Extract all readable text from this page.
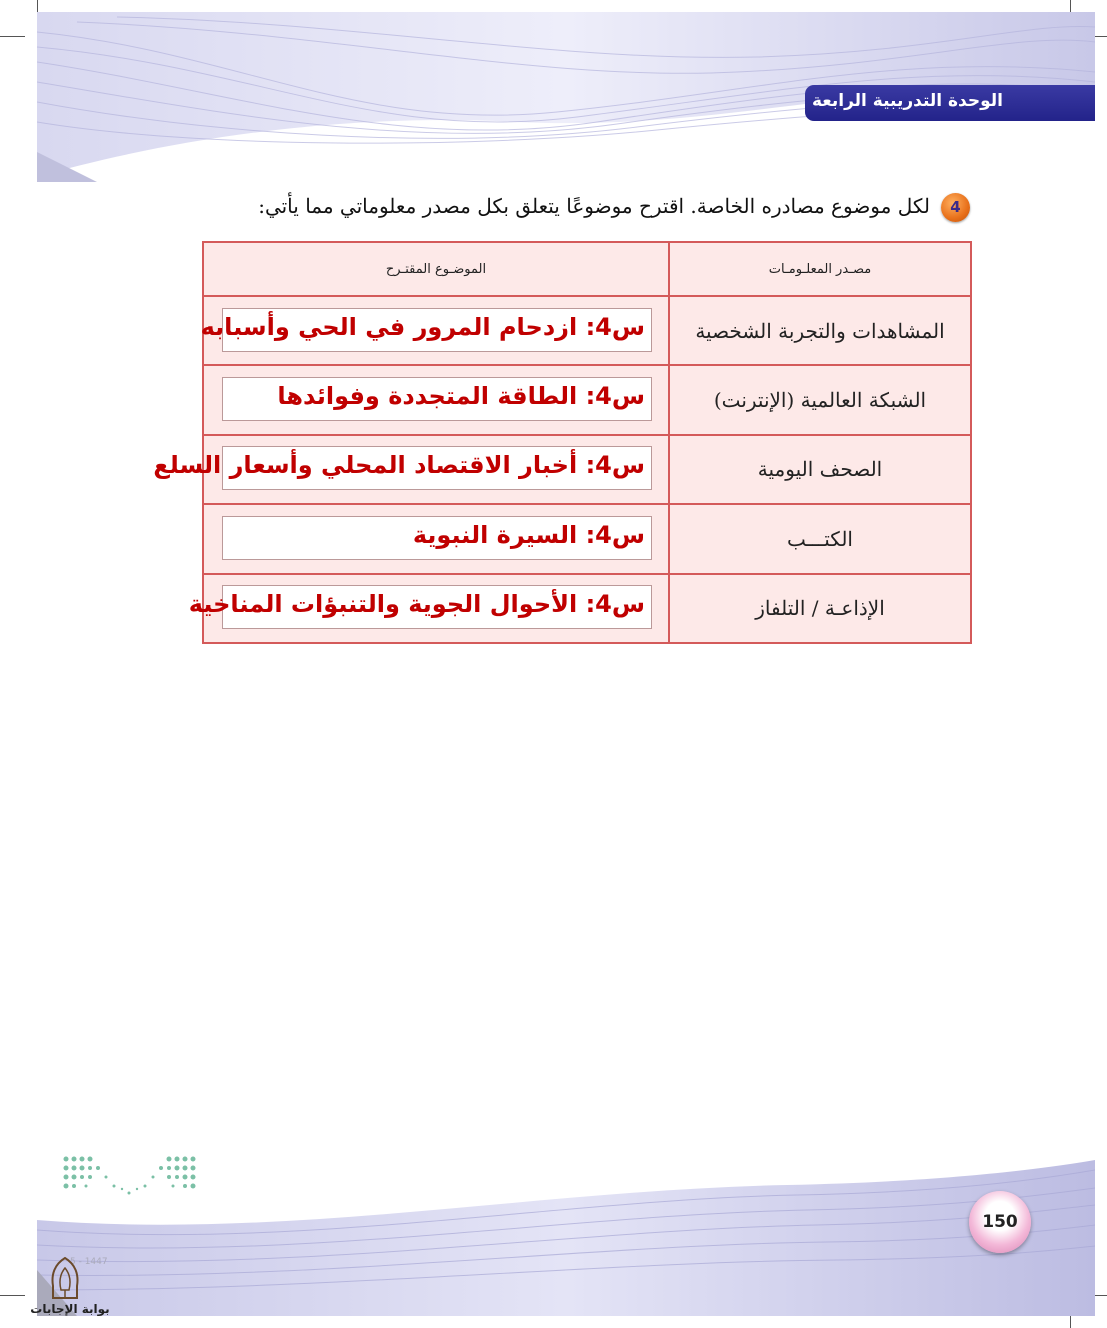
الوحدة التدريبية الرابعة
4
لكل موضوع مصادره الخاصة. اقترح موضوعًا يتعلق بكل مصدر معلوماتي مما يأتي:
مصـدر المعلـومـات	الموضـوع المقتـرح
المشاهدات والتجربة الشخصية	س4: ازدحام المرور في الحي وأسبابه

الشبكة العالمية (الإنترنت)	س4: الطاقة المتجددة وفوائدها

الصحف اليومية	س4: أخبار الاقتصاد المحلي وأسعار السلع

الكتـــب	س4: السيرة النبوية

الإذاعـة / التلفاز	س4: الأحوال الجوية والتنبؤات المناخية
5 - 1447
بوابة الإجابات
150
